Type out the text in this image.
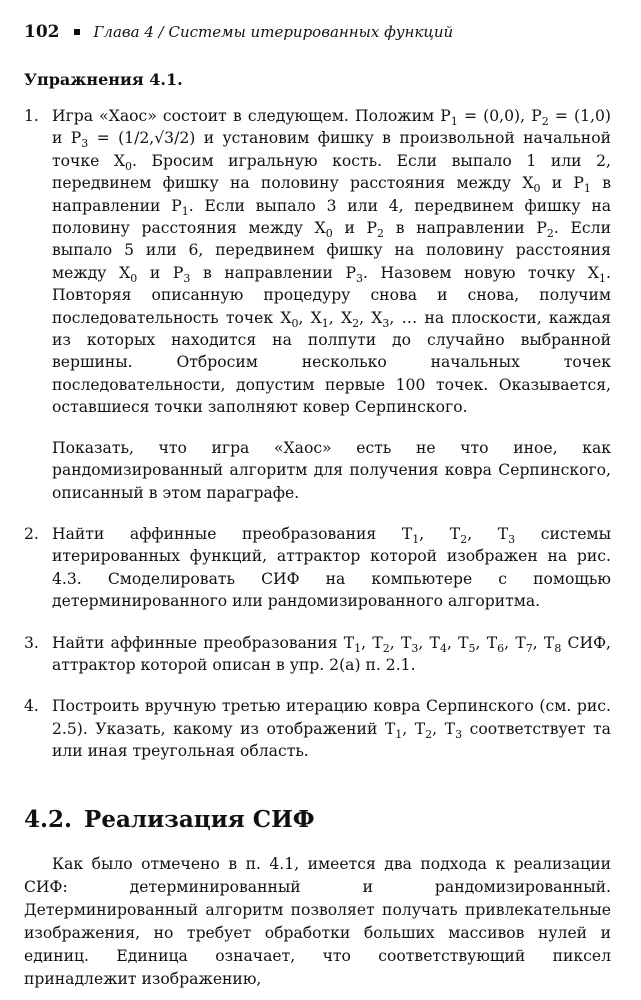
102 Глава 4 / Системы итерированных функций
Упражнения 4.1.
1. Игра «Хаос» состоит в следующем. Положим $P_1 = (0,0)$, $P_2 = (1,0)$ и $P_3 = (1/2,√3/2)$ и установим фишку в произвольной начальной точке $X_0$. Бросим игральную кость. Если выпало 1 или 2, передвинем фишку на половину расстояния между $X_0$ и $P_1$ в направлении $P_1$. Если выпало 3 или 4, передвинем фишку на половину расстояния между $X_0$ и $P_2$ в направлении $P_2$. Если выпало 5 или 6, передвинем фишку на половину расстояния между $X_0$ и $P_3$ в направлении $P_3$. Назовем новую точку $X_1$. Повторяя описанную процедуру снова и снова, получим последовательность точек $X_0$, $X_1$, $X_2$, $X_3$, … на плоскости, каждая из которых находится на полпути до случайно выбранной вершины. Отбросим несколько начальных точек последовательности, допустим первые 100 точек. Оказывается, оставшиеся точки заполняют ковер Серпинского.

Показать, что игра «Хаос» есть не что иное, как рандомизированный алгоритм для получения ковра Серпинского, описанный в этом параграфе.

2. Найти аффинные преобразования $T_1$, $T_2$, $T_3$ системы итерированных функций, аттрактор которой изображен на рис. 4.3. Смоделировать СИФ на компьютере с помощью детерминированного или рандомизированного алгоритма.

3. Найти аффинные преобразования $T_1$, $T_2$, $T_3$, $T_4$, $T_5$, $T_6$, $T_7$, $T_8$ СИФ, аттрактор которой описан в упр. 2(а) п. 2.1.

4. Построить вручную третью итерацию ковра Серпинского (см. рис. 2.5). Указать, какому из отображений $T_1$, $T_2$, $T_3$ соответствует та или иная треугольная область.

4.2. Реализация СИФ

Как было отмечено в п. 4.1, имеется два подхода к реализации СИФ: детерминированный и рандомизированный. Детерминированный алгоритм позволяет получать привлекательные изображения, но требует обработки больших массивов нулей и единиц. Единица означает, что соответствующий пиксел принадлежит изображению,
